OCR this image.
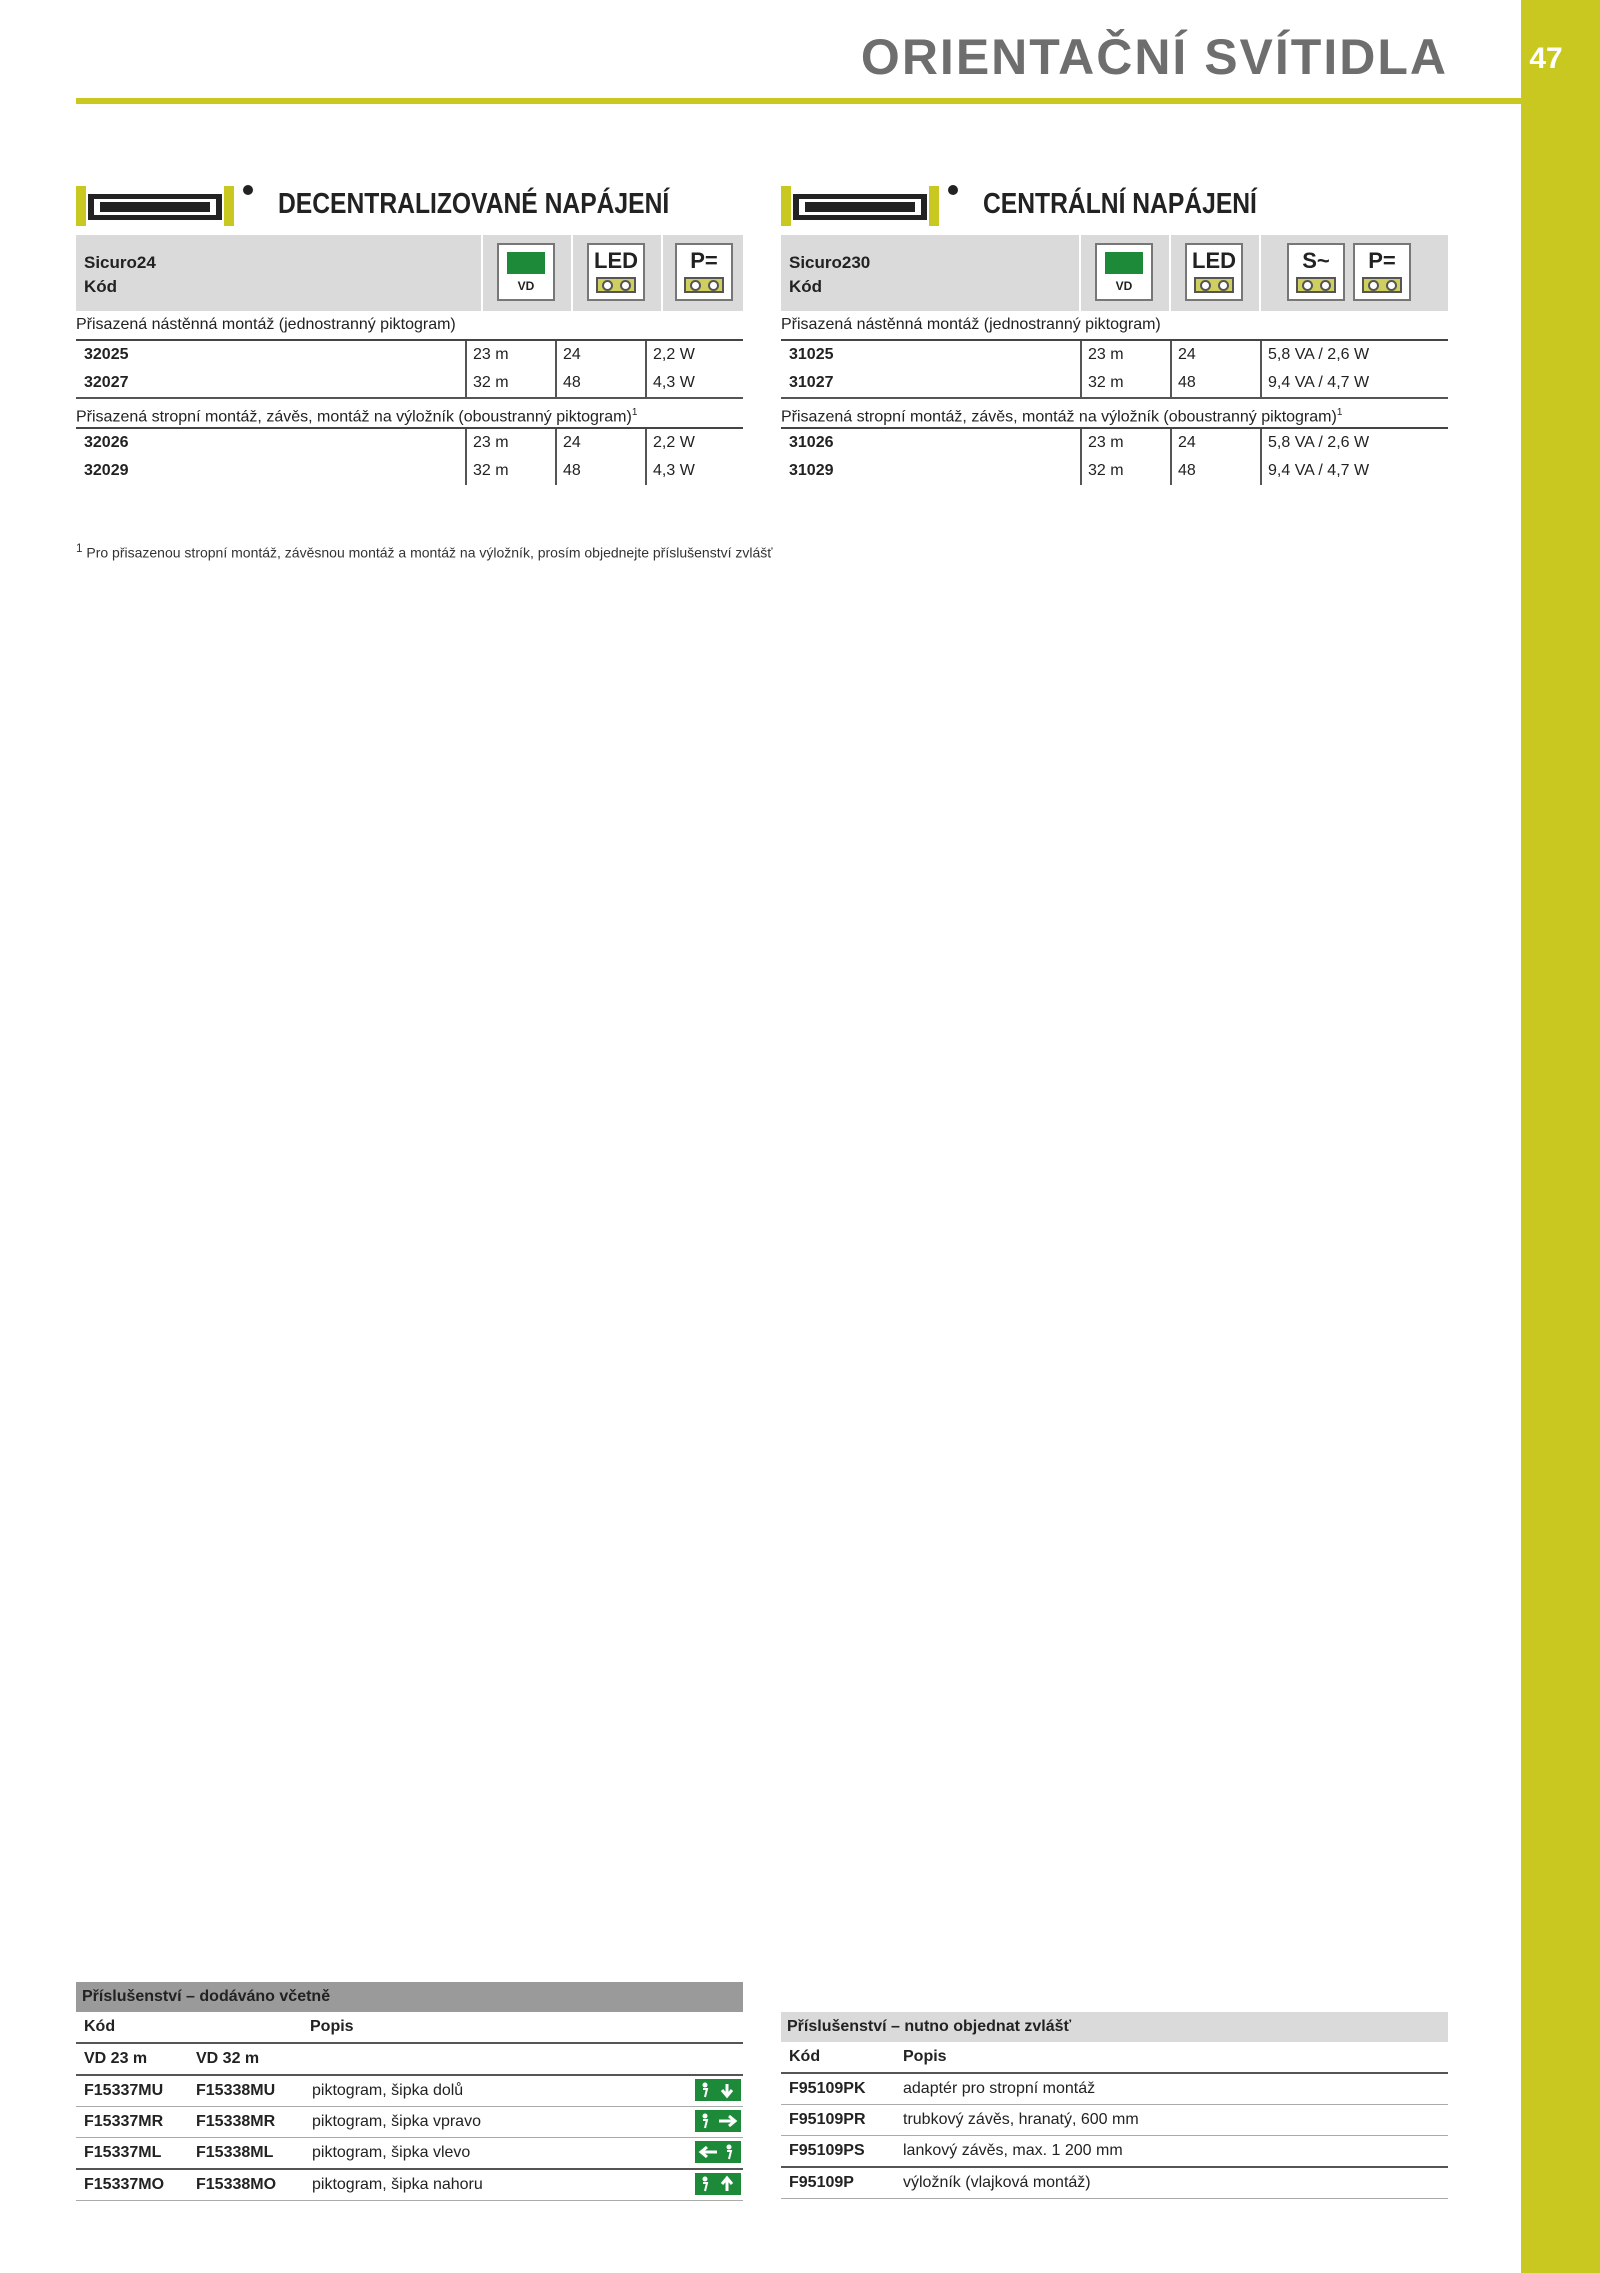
47
ORIENTAČNÍ SVÍTIDLA
DECENTRALIZOVANÉ NAPÁJENÍ
Sicuro24
Kód	VD
LED	P=
Přisazená nástěnná montáž (jednostranný piktogram)
32025	23 m	24	2,2 W
32027	32 m	48	4,3 W
Přisazená stropní montáž, závěs, montáž na výložník (oboustranný piktogram)$^1$
32026	23 m	24	2,2 W
32029	32 m	48	4,3 W
CENTRÁLNÍ NAPÁJENÍ
Sicuro230
Kód	VD
LED	S~	P=
Přisazená nástěnná montáž (jednostranný piktogram)
31025	23 m	24	5,8 VA / 2,6 W
31027	32 m	48	9,4 VA / 4,7 W
Přisazená stropní montáž, závěs, montáž na výložník (oboustranný piktogram)$^1$
31026	23 m	24	5,8 VA / 2,6 W
31029	32 m	48	9,4 VA / 4,7 W
$^1$ Pro přisazenou stropní montáž, závěsnou montáž a montáž na výložník, prosím objednejte příslušenství zvlášť
Příslušenství – dodáváno včetně
Kód	Popis
VD 23 m	VD 32 m
F15337MU F15338MU piktogram, šipka dolů
F15337MR F15338MR piktogram, šipka vpravo
F15337ML F15338ML piktogram, šipka vlevo
F15337MO F15338MO piktogram, šipka nahoru
Příslušenství – nutno objednat zvlášť
Kód	Popis
F95109PK adaptér pro stropní montáž
F95109PR trubkový závěs, hranatý, 600 mm
F95109PS lankový závěs, max. 1 200 mm
F95109P	výložník (vlajková montáž)
